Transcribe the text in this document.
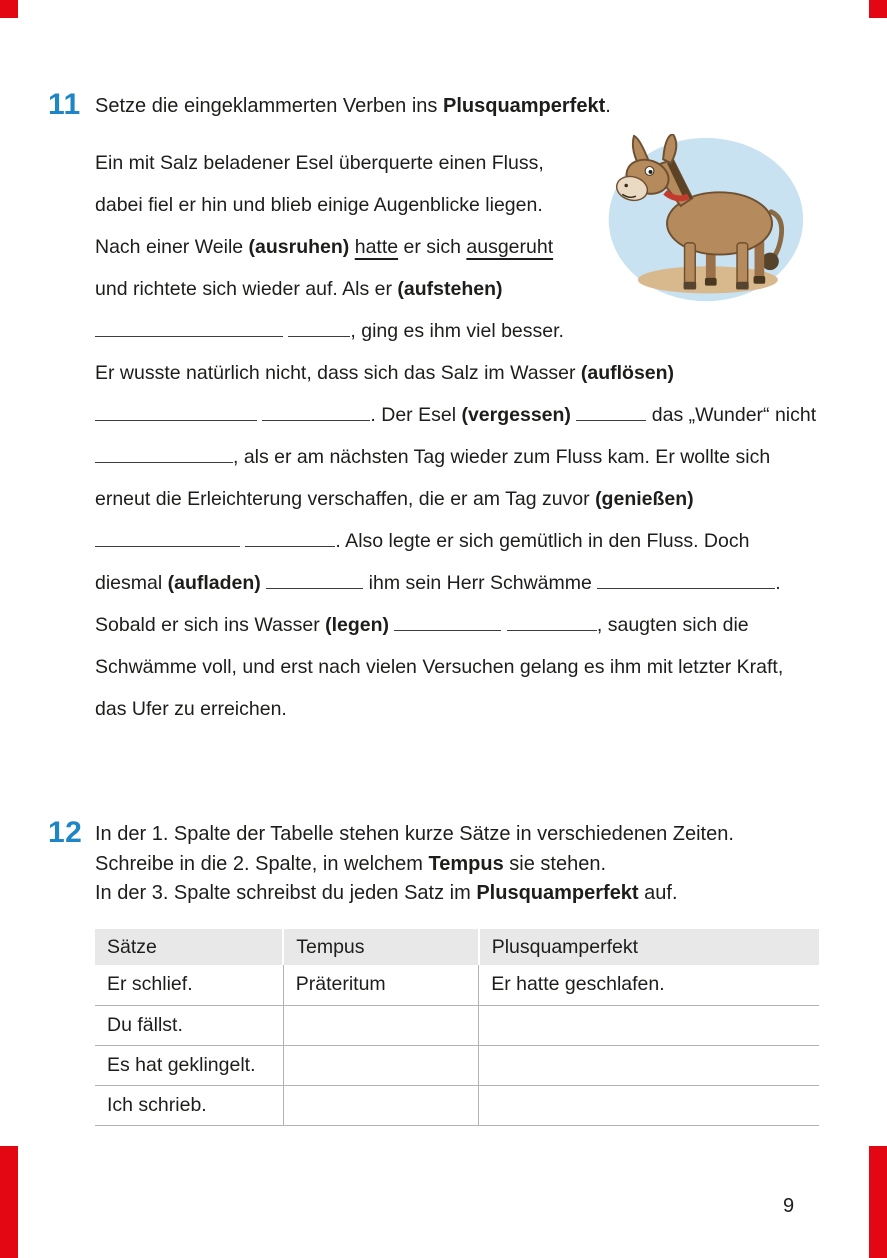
11 Setze die eingeklammerten Verben ins Plusquamperfekt.
Ein mit Salz beladener Esel überquerte einen Fluss, dabei fiel er hin und blieb einige Augenblicke liegen. Nach einer Weile (ausruhen) hatte er sich ausgeruht und richtete sich wieder auf. Als er (aufstehen)  , ging es ihm viel besser. Er wusste natürlich nicht, dass sich das Salz im Wasser (auflösen)  . Der Esel (vergessen)	das „Wunder“ nicht , als er am nächsten Tag wieder zum Fluss kam. Er wollte sich erneut die Erleichterung verschaffen, die er am Tag zuvor (genießen)  . Also legte er sich gemütlich in den Fluss. Doch diesmal (aufladen)	ihm sein Herr Schwämme	. Sobald er sich ins Wasser (legen)	, saugten sich die Schwämme voll, und erst nach vielen Versuchen gelang es ihm mit letzter Kraft, das Ufer zu erreichen.
12 In der 1. Spalte der Tabelle stehen kurze Sätze in verschiedenen Zeiten.
Schreibe in die 2. Spalte, in welchem Tempus sie stehen.
In der 3. Spalte schreibst du jeden Satz im Plusquamperfekt auf.
Sätze	Tempus	Plusquamperfekt
Er schlief.	Präteritum	Er hatte geschlafen.
Du fällst.		
Es hat geklingelt.		
Ich schrieb.		
9
